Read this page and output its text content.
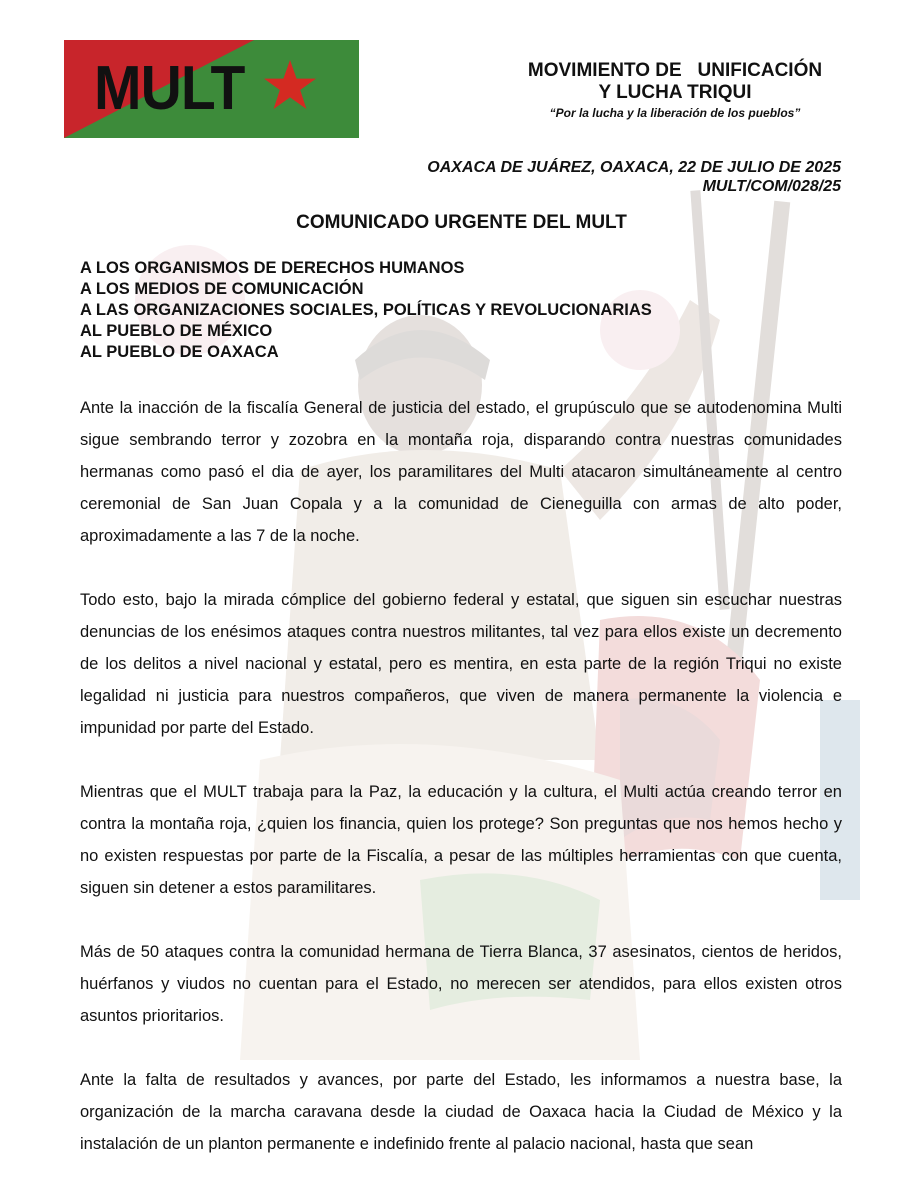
MULT	MOVIMIENTO DE   UNIFICACIÓN
Y LUCHA TRIQUI
“Por la lucha y la liberación de los pueblos”
OAXACA DE JUÁREZ, OAXACA, 22 DE JULIO DE 2025
MULT/COM/028/25
COMUNICADO URGENTE DEL MULT
A LOS ORGANISMOS DE DERECHOS HUMANOS
A LOS MEDIOS DE COMUNICACIÓN
A LAS ORGANIZACIONES SOCIALES, POLÍTICAS Y REVOLUCIONARIAS
AL PUEBLO DE MÉXICO
AL PUEBLO DE OAXACA

Ante la inacción de la fiscalía General de justicia del estado, el grupúsculo que se autodenomina Multi sigue sembrando terror y zozobra en la montaña roja, disparando contra nuestras comunidades hermanas como pasó el dia de ayer, los paramilitares del Multi atacaron simultáneamente al centro ceremonial de San Juan Copala y a la comunidad de Cieneguilla con armas de alto poder, aproximadamente a las 7 de la noche.

Todo esto, bajo la mirada cómplice del gobierno federal y estatal, que siguen sin escuchar nuestras denuncias de los enésimos ataques contra nuestros militantes, tal vez para ellos existe un decremento de los delitos a nivel nacional y estatal, pero es mentira, en esta parte de la región Triqui no existe legalidad ni justicia para nuestros compañeros, que viven de manera permanente la violencia e impunidad por parte del Estado.

Mientras que el MULT trabaja para la Paz, la educación y la cultura, el Multi actúa creando terror en contra la montaña roja, ¿quien los financia, quien los protege? Son preguntas que nos hemos hecho y no existen respuestas por parte de la Fiscalía, a pesar de las múltiples herramientas con que cuenta, siguen sin detener a estos paramilitares.

Más de 50 ataques contra la comunidad hermana de Tierra Blanca, 37 asesinatos, cientos de heridos, huérfanos y viudos no cuentan para el Estado, no merecen ser atendidos, para ellos existen otros asuntos prioritarios.

Ante la falta de resultados y avances, por parte del Estado, les informamos a nuestra base, la organización de la marcha caravana desde la ciudad de Oaxaca hacia la Ciudad de México y la instalación de un planton permanente e indefinido frente al palacio nacional, hasta que sean
